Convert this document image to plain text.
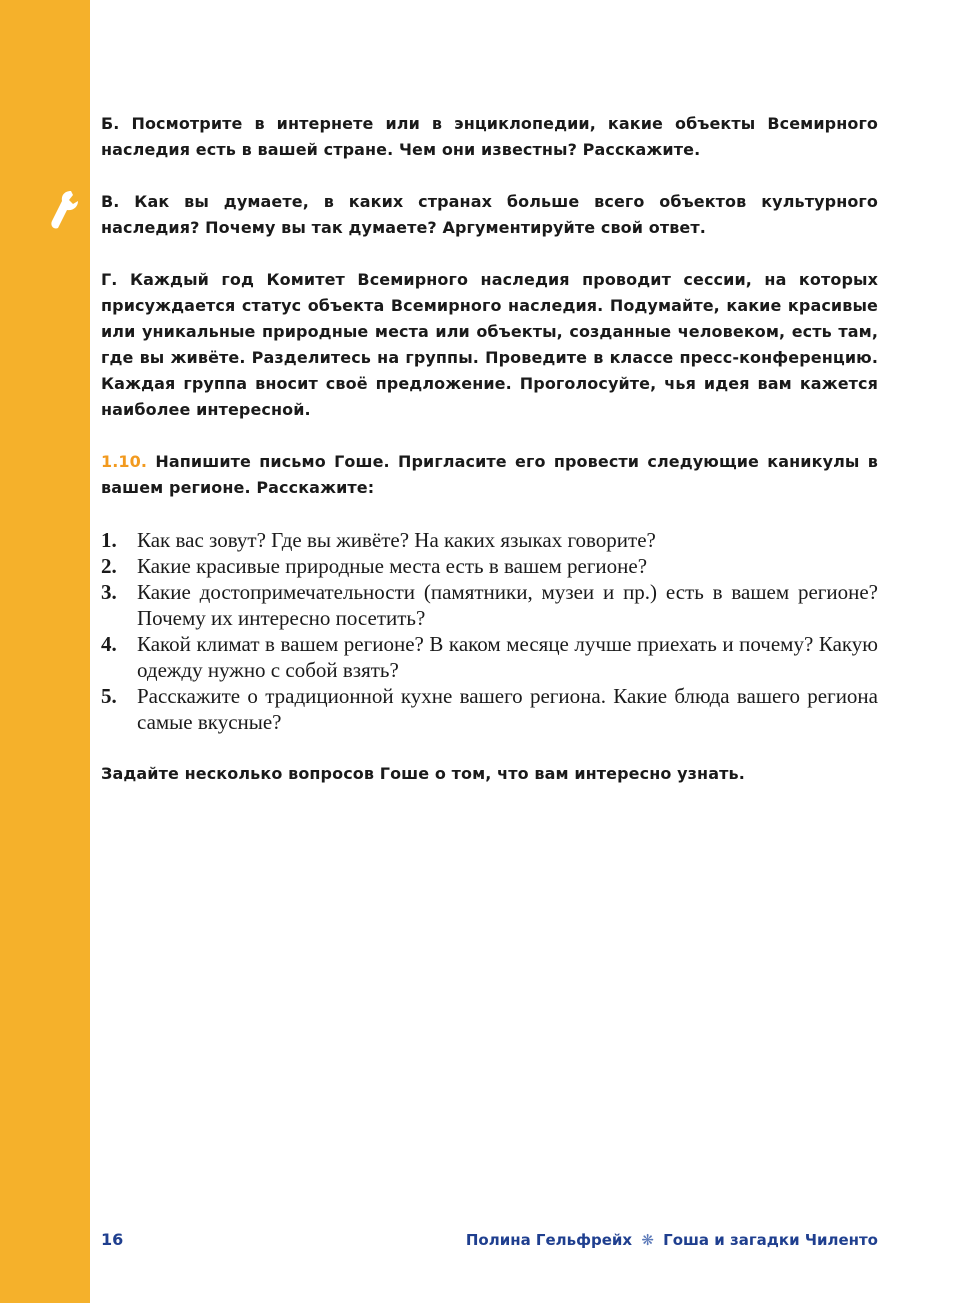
Б. Посмотрите в интернете или в энциклопедии, какие объекты Всемирного наследия есть в вашей стране. Чем они известны? Расскажите.

В. Как вы думаете, в каких странах больше всего объектов культурного наследия? Почему вы так думаете? Аргументируйте свой ответ.

Г. Каждый год Комитет Всемирного наследия проводит сессии, на которых присуждается статус объекта Всемирного наследия. Подумайте, какие красивые или уникальные природные места или объекты, созданные человеком, есть там, где вы живёте. Разделитесь на группы. Проведите в классе пресс-конференцию. Каждая группа вносит своё предложение. Проголосуйте, чья идея вам кажется наиболее интересной.

1.10. Напишите письмо Гоше. Пригласите его провести следующие каникулы в вашем регионе. Расскажите:

1. Как вас зовут? Где вы живёте? На каких языках говорите?
2. Какие красивые природные места есть в вашем регионе?
3. Какие достопримечательности (памятники, музеи и пр.) есть в вашем регионе? Почему их интересно посетить?
4. Какой климат в вашем регионе? В каком месяце лучше приехать и почему? Какую одежду нужно с собой взять?
5. Расскажите о традиционной кухне вашего региона. Какие блюда вашего региона самые вкусные?

Задайте несколько вопросов Гоше о том, что вам интересно узнать.

16	Полина Гельфрейх ❋ Гоша и загадки Чиленто
